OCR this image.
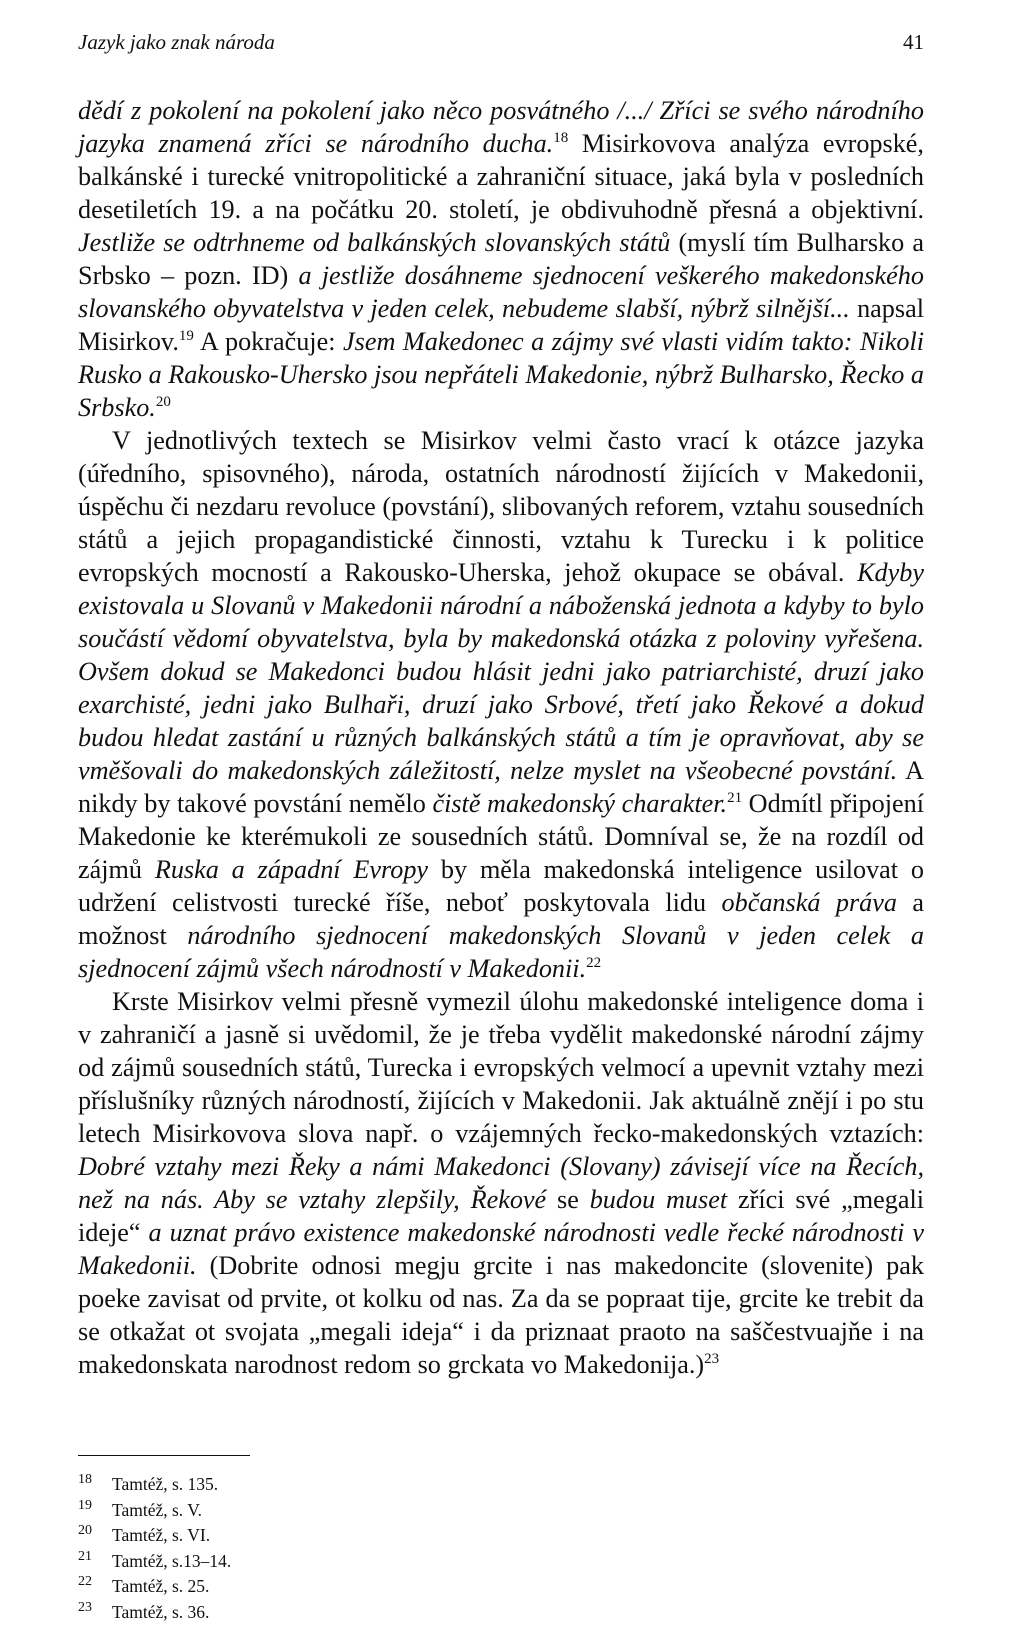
Jazyk jako znak národa	41

dědí z pokolení na pokolení jako něco posvátného /.../ Zříci se svého národního jazyka znamená zříci se národního ducha.$^{18}$ Misirkovova analýza evropské, balkánské i turecké vnitropolitické a zahraniční situace, jaká byla v posledních desetiletích 19. a na počátku 20. století, je obdivuhodně přesná a objektivní. Jestliže se odtrhneme od balkánských slovanských států (myslí tím Bulharsko a Srbsko – pozn. ID) a jestliže dosáhneme sjednocení veškerého makedonského slovanského obyvatelstva v jeden celek, nebudeme slabší, nýbrž silnější... napsal Misirkov.$^{19}$ A pokračuje: Jsem Makedonec a zájmy své vlasti vidím takto: Nikoli Rusko a Rakousko-Uhersko jsou nepřáteli Makedonie, nýbrž Bulharsko, Řecko a Srbsko.$^{20}$

V jednotlivých textech se Misirkov velmi často vrací k otázce jazyka (úředního, spisovného), národa, ostatních národností žijících v Makedonii, úspěchu či nezdaru revoluce (povstání), slibovaných reforem, vztahu sousedních států a jejich propagandistické činnosti, vztahu k Turecku i k politice evropských mocností a Rakousko-Uherska, jehož okupace se obával. Kdyby existovala u Slovanů v Makedonii národní a náboženská jednota a kdyby to bylo součástí vědomí obyvatelstva, byla by makedonská otázka z poloviny vyřešena. Ovšem dokud se Makedonci budou hlásit jedni jako patriarchisté, druzí jako exarchisté, jedni jako Bulhaři, druzí jako Srbové, třetí jako Řekové a dokud budou hledat zastání u různých balkánských států a tím je opravňovat, aby se vměšovali do makedonských záležitostí, nelze myslet na všeobecné povstání. A nikdy by takové povstání nemělo čistě makedonský charakter.$^{21}$ Odmítl připojení Makedonie ke kterémukoli ze sousedních států. Domníval se, že na rozdíl od zájmů Ruska a západní Evropy by měla makedonská inteligence usilovat o udržení celistvosti turecké říše, neboť poskytovala lidu občanská práva a možnost národního sjednocení makedonských Slovanů v jeden celek a sjednocení zájmů všech národností v Makedonii.$^{22}$

Krste Misirkov velmi přesně vymezil úlohu makedonské inteligence doma i v zahraničí a jasně si uvědomil, že je třeba vydělit makedonské národní zájmy od zájmů sousedních států, Turecka i evropských velmocí a upevnit vztahy mezi příslušníky různých národností, žijících v Makedonii. Jak aktuálně znějí i po stu letech Misirkovova slova např. o vzájemných řecko-makedonských vztazích: Dobré vztahy mezi Řeky a námi Makedonci (Slovany) závisejí více na Řecích, než na nás. Aby se vztahy zlepšily, Řekové se budou muset zříci své „megali ideje“ a uznat právo existence makedonské národnosti vedle řecké národnosti v Makedonii. (Dobrite odnosi megju grcite i nas makedoncite (slovenite) pak poeke zavisat od prvite, ot kolku od nas. Za da se popraat tije, grcite ke trebit da se otkažat ot svojata „megali ideja“ i da priznaat praoto na saščestvuajňe i na makedonskata narodnost redom so grckata vo Makedonija.)$^{23}$

18	Tamtéž, s. 135.
19	Tamtéž, s. V.
20	Tamtéž, s. VI.
21	Tamtéž, s.13–14.
22	Tamtéž, s. 25.
23	Tamtéž, s. 36.
